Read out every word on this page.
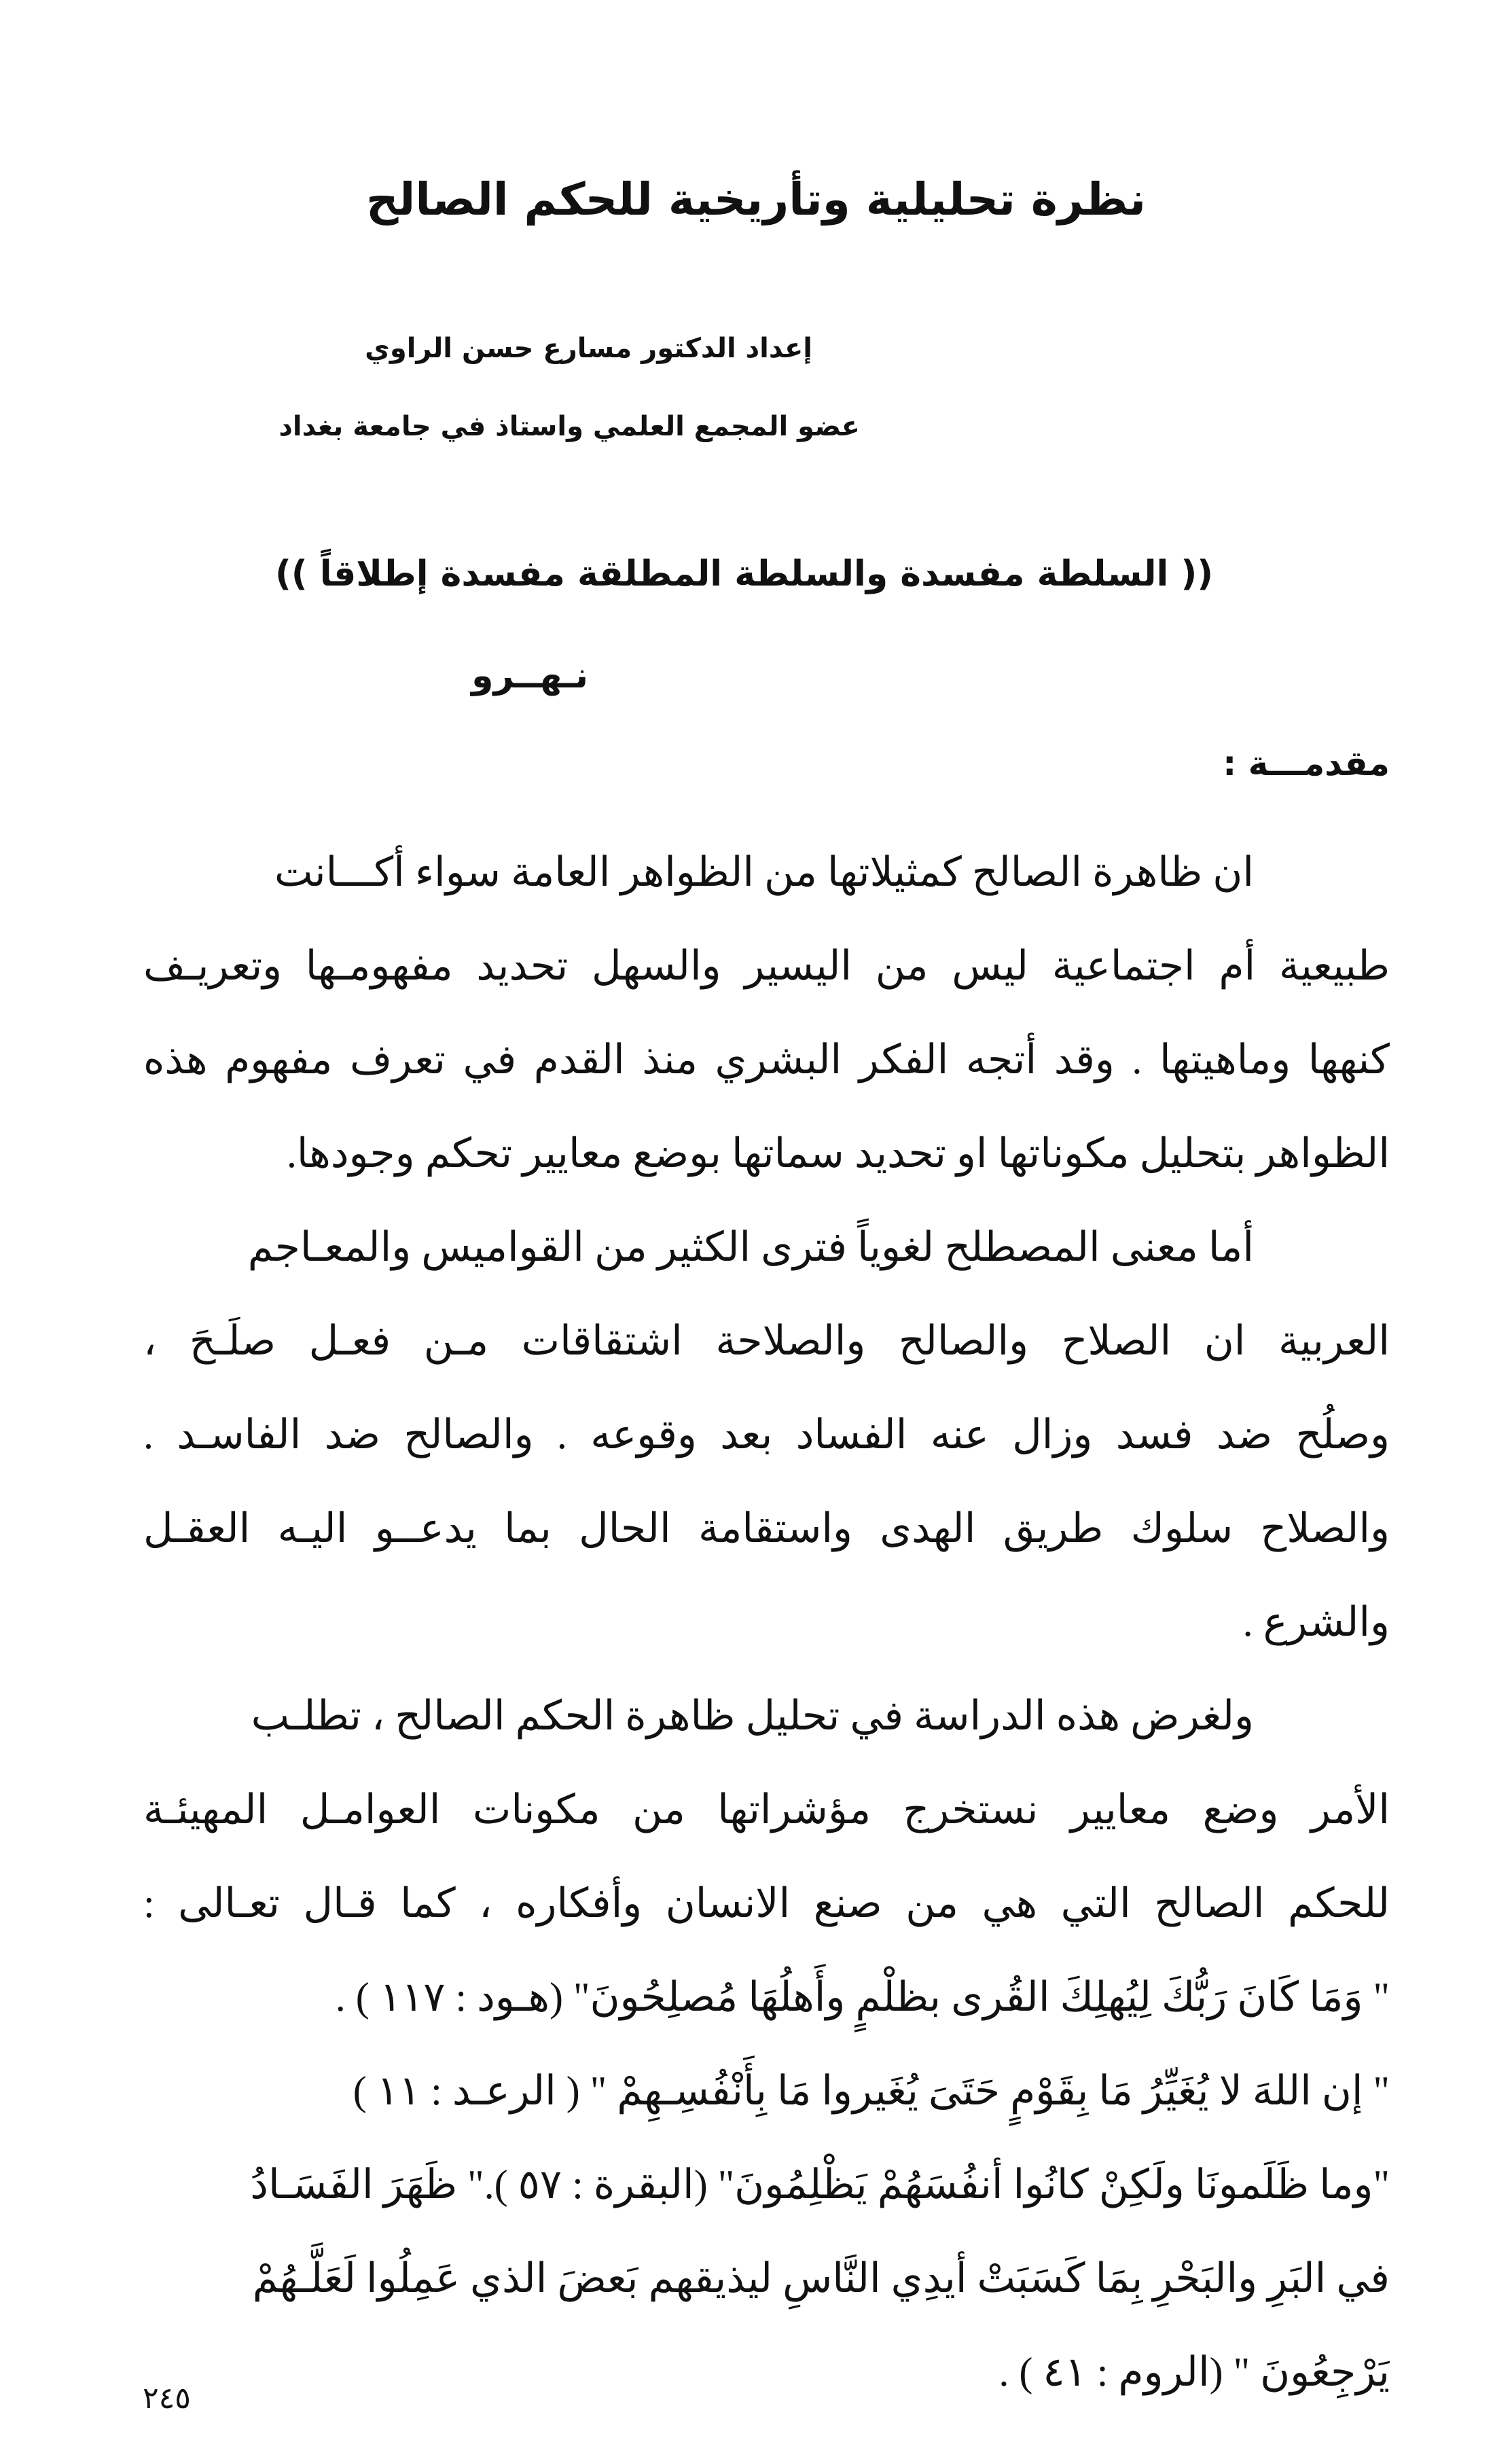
نظرة تحليلية وتأريخية للحكم الصالح
إعداد الدكتور مسارع حسن الراوي
عضو المجمع العلمي واستاذ في جامعة بغداد
(( السلطة مفسدة والسلطة المطلقة مفسدة إطلاقاً ))
نـهــرو
مقدمـــة :
ان ظاهرة الصالح كمثيلاتها من الظواهر العامة سواء أكـــانت
طبيعية أم اجتماعية ليس من اليسير والسهل تحديد مفهومـها وتعريـف
كنهها وماهيتها . وقد أتجه الفكر البشري منذ القدم في تعرف مفهوم هذه
الظواهر بتحليل مكوناتها او تحديد سماتها بوضع معايير تحكم وجودها.
أما معنى المصطلح لغوياً فترى الكثير من القواميس والمعـاجم
العربية ان الصلاح والصالح والصلاحة اشتقاقات مـن فعـل صلَـحَ ،
وصلُح ضد فسد وزال عنه الفساد بعد وقوعه . والصالح ضد الفاسـد .
والصلاح سلوك طريق الهدى واستقامة الحال بما يدعــو اليـه العقـل
والشرع .
ولغرض هذه الدراسة في تحليل ظاهرة الحكم الصالح ، تطلـب
الأمر وضع معايير نستخرج مؤشراتها من مكونات العوامـل المهيئـة
للحكم الصالح التي هي من صنع الانسان وأفكاره ، كما قـال تعـالى :
" وَمَا كَانَ رَبُّكَ لِيُهلِكَ القُرى بظلْمٍ وأَهلُهَا مُصلِحُونَ" (هـود : ١١٧ ) .
" إن اللهَ لا يُغَيِّرُ مَا بِقَوْمٍ حَتَىَ يُغَيروا مَا بِأَنْفُسِـهِمْ " ( الرعـد : ١١ )
"وما ظَلَمونَا ولَكِنْ كانُوا أنفُسَهُمْ يَظْلِمُونَ" (البقرة : ٥٧ )." ظَهَرَ الفَسَـادُ
في البَرِ والبَحْرِ بِمَا كَسَبَتْ أيدِي النَّاسِ ليذيقهم بَعضَ الذي عَمِلُوا لَعَلَّـهُمْ
يَرْجِعُونَ " (الروم : ٤١ ) .
٢٤٥
